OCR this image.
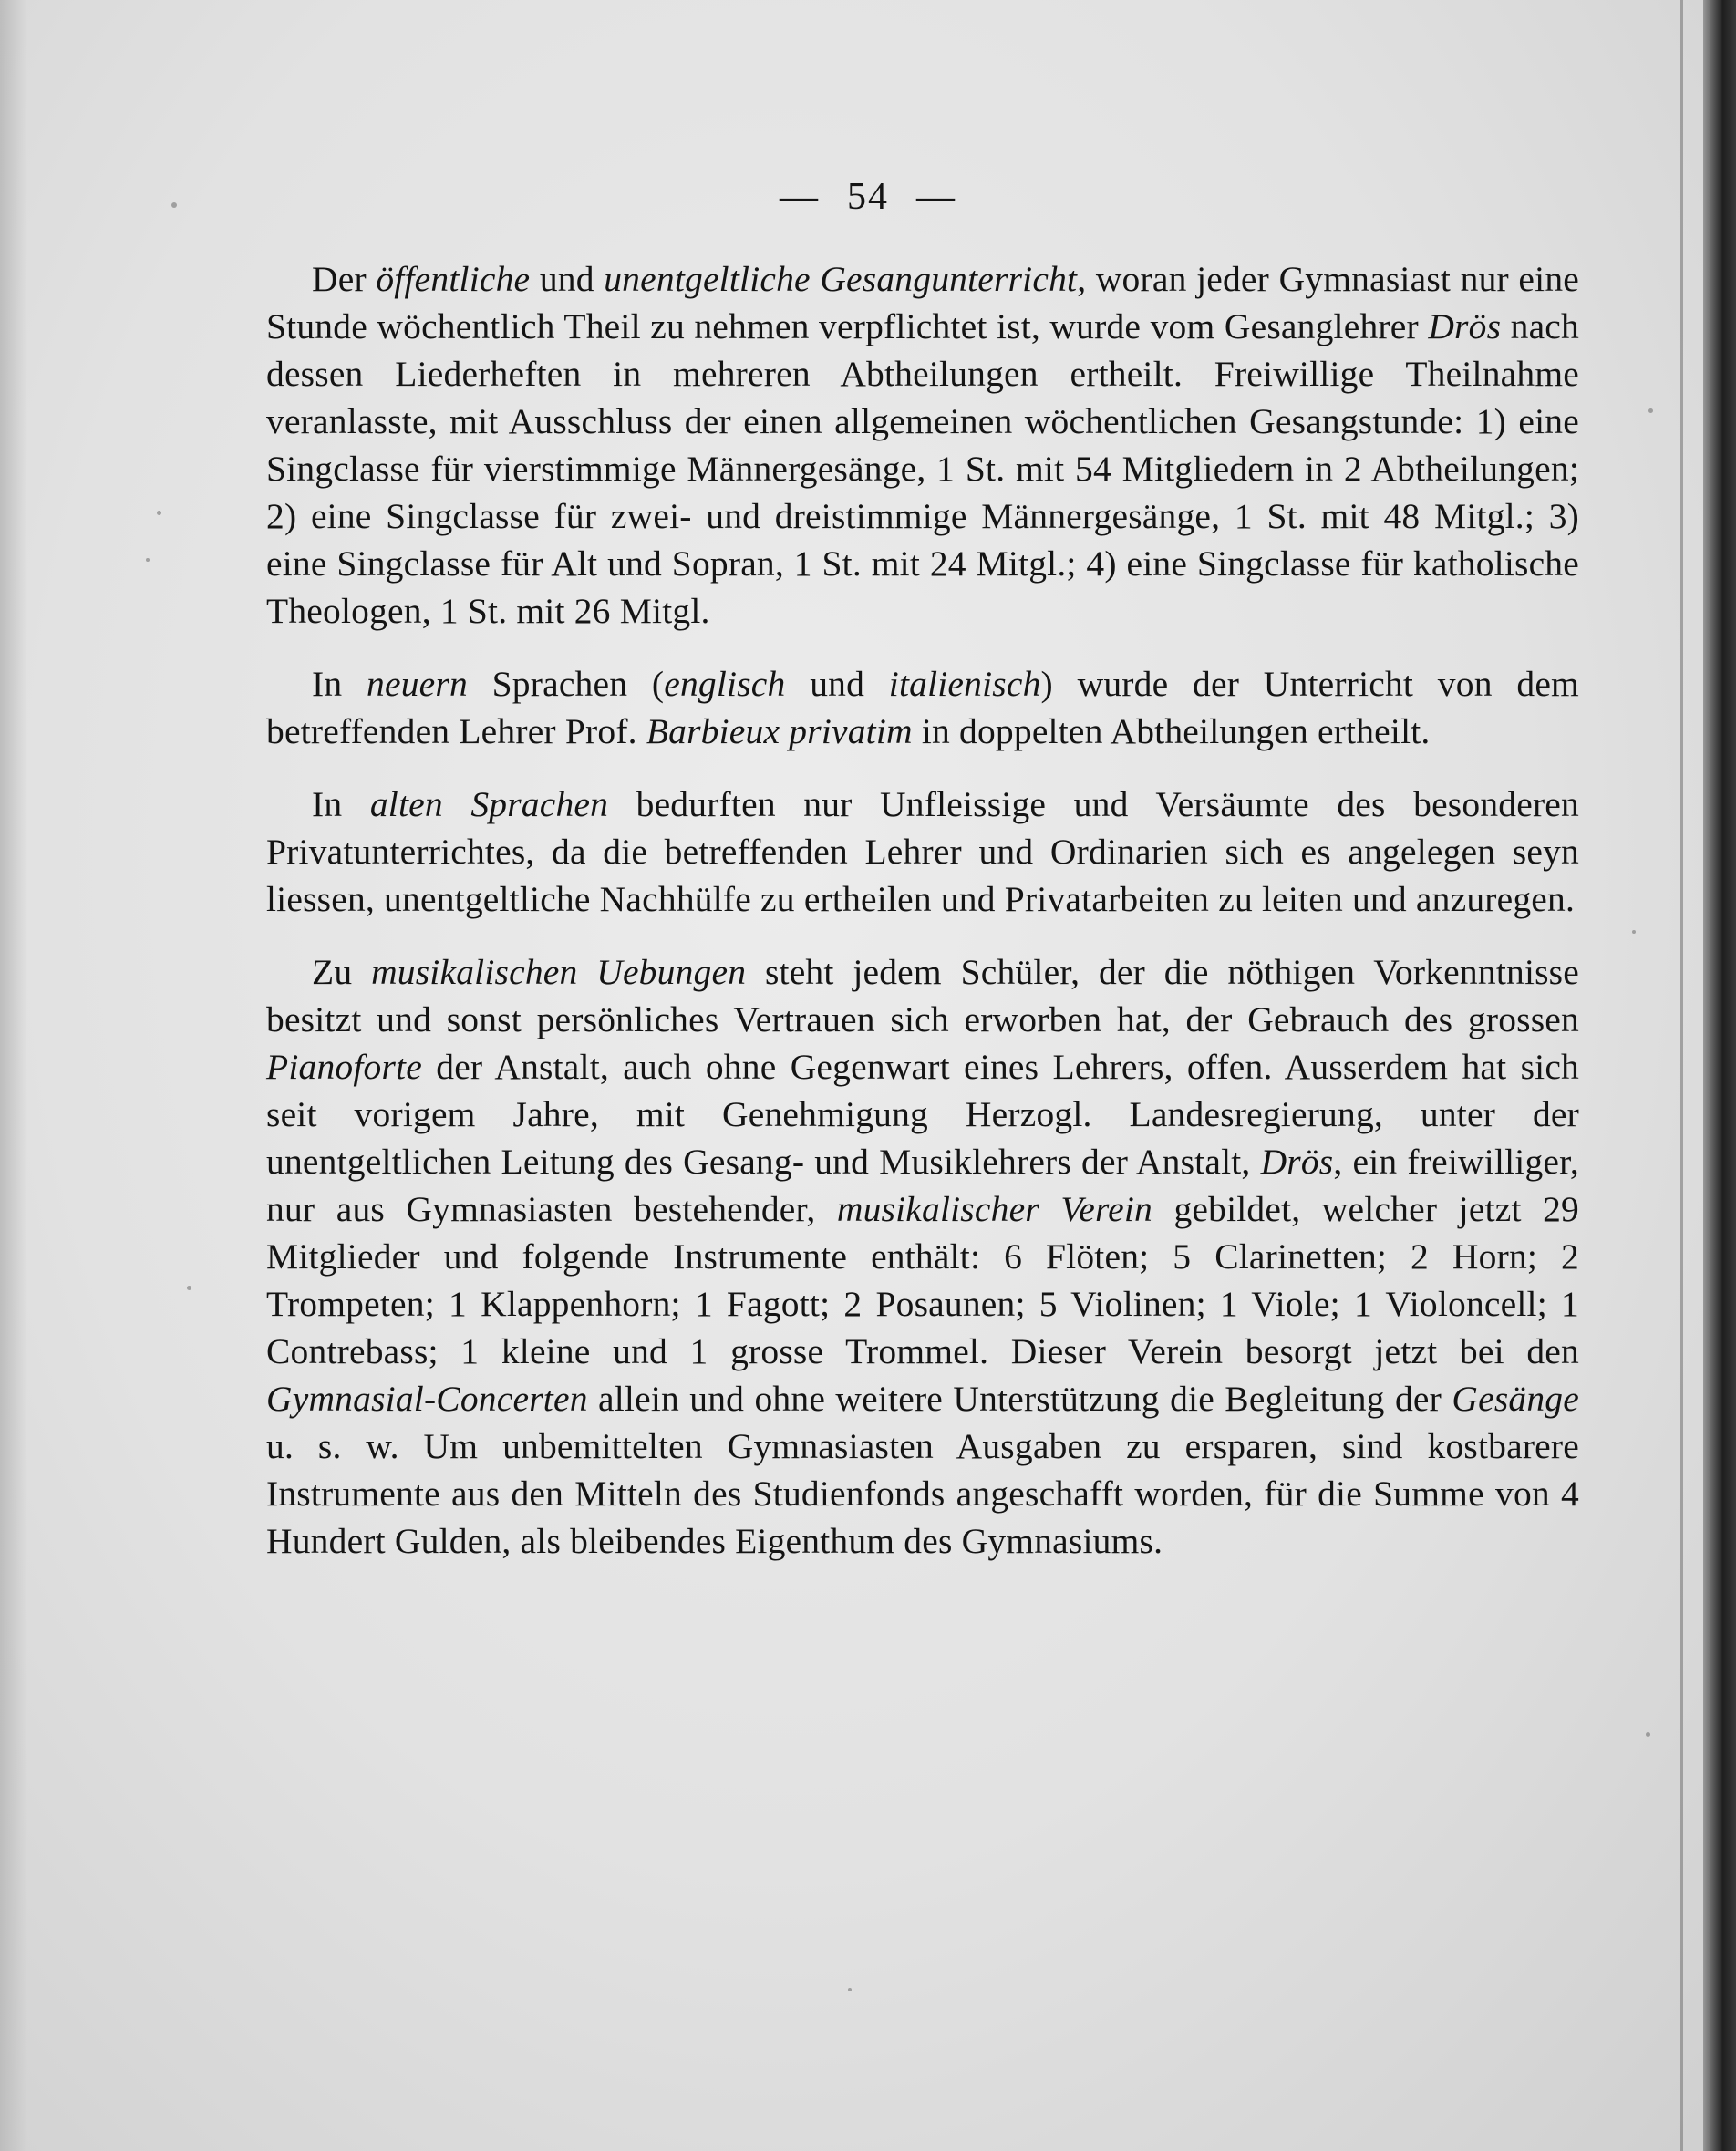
— 54 —

Der öffentliche und unentgeltliche Gesangunterricht, woran jeder Gymnasiast nur eine Stunde wöchentlich Theil zu nehmen verpflichtet ist, wurde vom Gesanglehrer Drös nach dessen Liederheften in mehreren Abtheilungen ertheilt. Freiwillige Theilnahme veranlasste, mit Ausschluss der einen allgemeinen wöchentlichen Gesangstunde: 1) eine Singclasse für vierstimmige Männergesänge, 1 St. mit 54 Mitgliedern in 2 Abtheilungen; 2) eine Singclasse für zwei- und dreistimmige Männergesänge, 1 St. mit 48 Mitgl.; 3) eine Singclasse für Alt und Sopran, 1 St. mit 24 Mitgl.; 4) eine Singclasse für katholische Theologen, 1 St. mit 26 Mitgl.

In neuern Sprachen (englisch und italienisch) wurde der Unterricht von dem betreffenden Lehrer Prof. Barbieux privatim in doppelten Abtheilungen ertheilt.

In alten Sprachen bedurften nur Unfleissige und Versäumte des besonderen Privatunterrichtes, da die betreffenden Lehrer und Ordinarien sich es angelegen seyn liessen, unentgeltliche Nachhülfe zu ertheilen und Privatarbeiten zu leiten und anzuregen.

Zu musikalischen Uebungen steht jedem Schüler, der die nöthigen Vorkenntnisse besitzt und sonst persönliches Vertrauen sich erworben hat, der Gebrauch des grossen Pianoforte der Anstalt, auch ohne Gegenwart eines Lehrers, offen. Ausserdem hat sich seit vorigem Jahre, mit Genehmigung Herzogl. Landesregierung, unter der unentgeltlichen Leitung des Gesang- und Musiklehrers der Anstalt, Drös, ein freiwilliger, nur aus Gymnasiasten bestehender, musikalischer Verein gebildet, welcher jetzt 29 Mitglieder und folgende Instrumente enthält: 6 Flöten; 5 Clarinetten; 2 Horn; 2 Trompeten; 1 Klappenhorn; 1 Fagott; 2 Posaunen; 5 Violinen; 1 Viole; 1 Violoncell; 1 Contrebass; 1 kleine und 1 grosse Trommel. Dieser Verein besorgt jetzt bei den Gymnasial-Concerten allein und ohne weitere Unterstützung die Begleitung der Gesänge u. s. w. Um unbemittelten Gymnasiasten Ausgaben zu ersparen, sind kostbarere Instrumente aus den Mitteln des Studienfonds angeschafft worden, für die Summe von 4 Hundert Gulden, als bleibendes Eigenthum des Gymnasiums.
